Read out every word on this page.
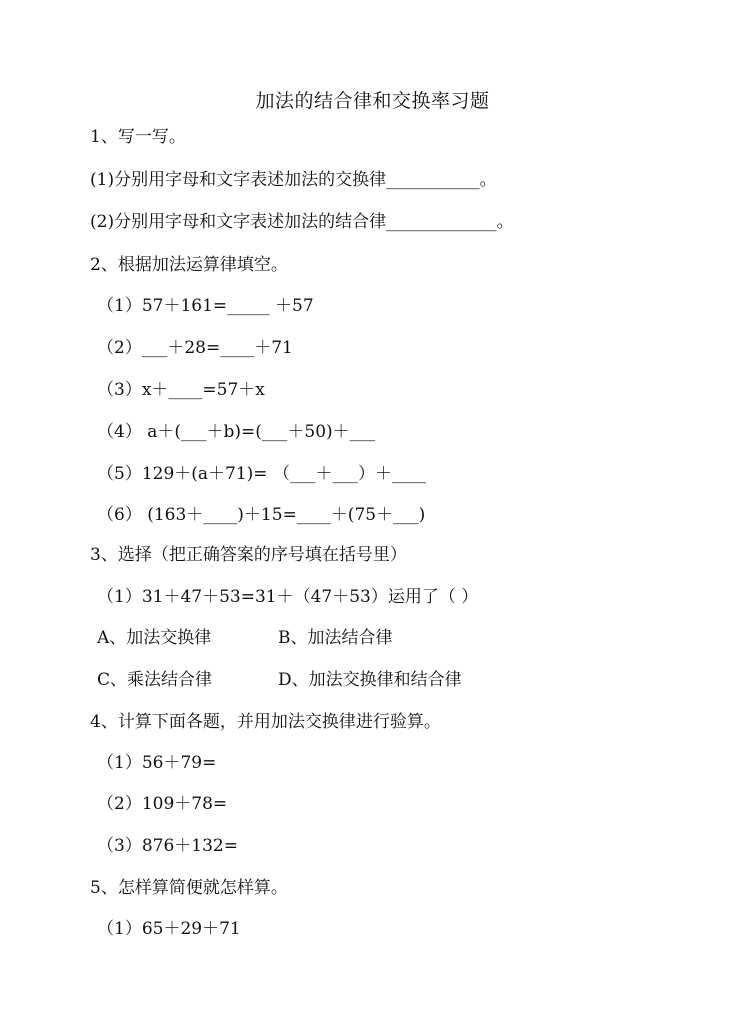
加法的结合律和交换率习题
1、写一写。
(1)分别用字母和文字表述加法的交换律___________。
(2)分别用字母和文字表述加法的结合律_____________。
2、根据加法运算律填空。
（1）57＋161=_____ ＋57
（2）___＋28=____＋71
（3）x＋____=57＋x
（4） a＋(___＋b)=(___＋50)＋___
（5）129＋(a＋71)= （___＋___）＋____
（6） (163＋____)＋15=____＋(75＋___)
3、选择（把正确答案的序号填在括号里）
（1）31＋47＋53=31＋（47＋53）运用了（ ）
A、加法交换律	B、加法结合律
C、乘法结合律	D、加法交换律和结合律
4、计算下面各题，并用加法交换律进行验算。
（1）56＋79=
（2）109＋78=
（3）876＋132=
5、怎样算简便就怎样算。
（1）65＋29＋71
